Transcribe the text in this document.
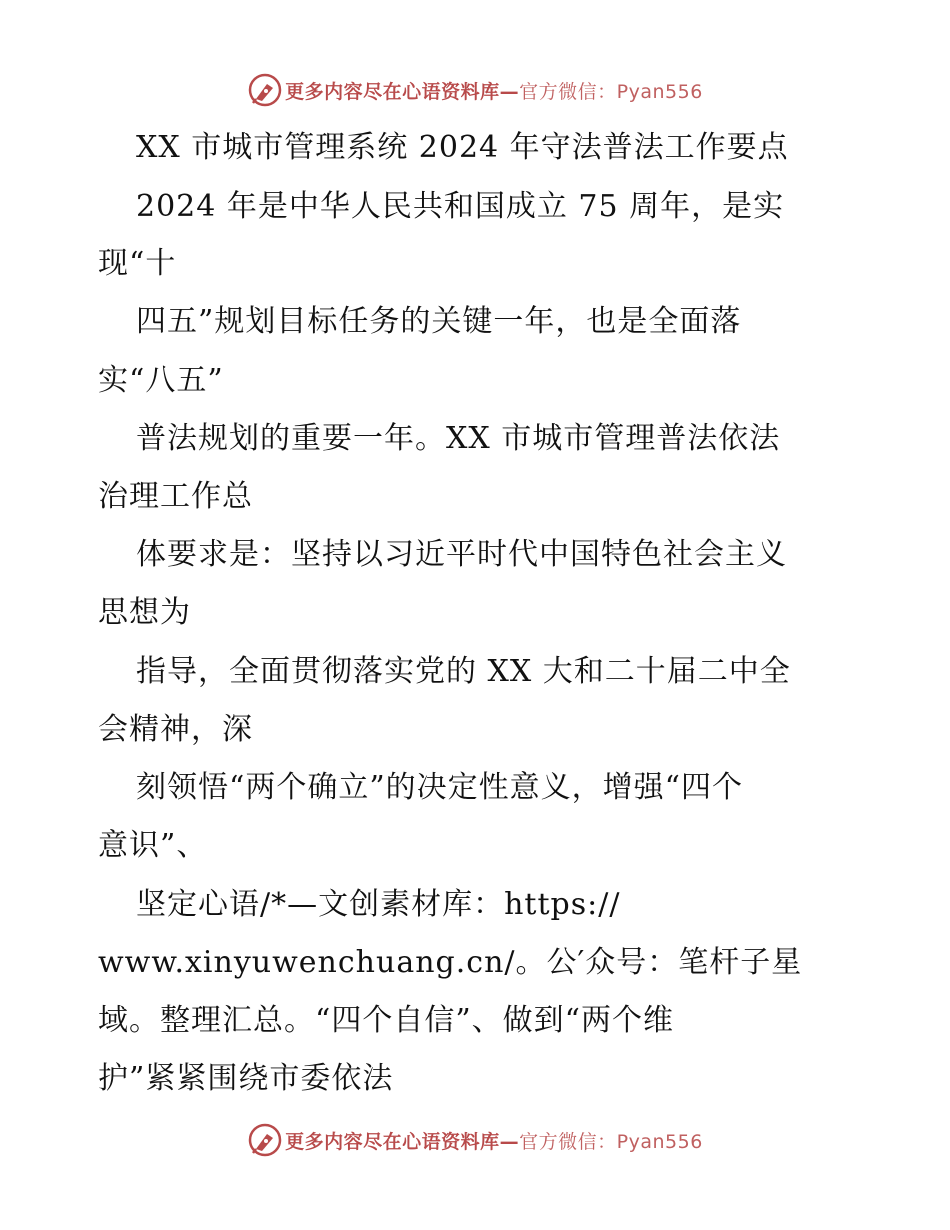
更多内容尽在心语资料库—官方微信：Pyan556
XX 市城市管理系统 2024 年守法普法工作要点
2024 年是中华人民共和国成立 75 周年，是实
现“十
四五”规划目标任务的关键一年，也是全面落
实“八五”
普法规划的重要一年。XX 市城市管理普法依法
治理工作总
体要求是：坚持以习近平时代中国特色社会主义
思想为
指导，全面贯彻落实党的 XX 大和二十届二中全
会精神，深
刻领悟“两个确立”的决定性意义，增强“四个
意识”、
坚定心语/*—文创素材库：https://
www.xinyuwenchuang.cn/。公′众号：笔杆子星
域。整理汇总。“四个自信”、做到“两个维
护”紧紧围绕市委依法
更多内容尽在心语资料库—官方微信：Pyan556
